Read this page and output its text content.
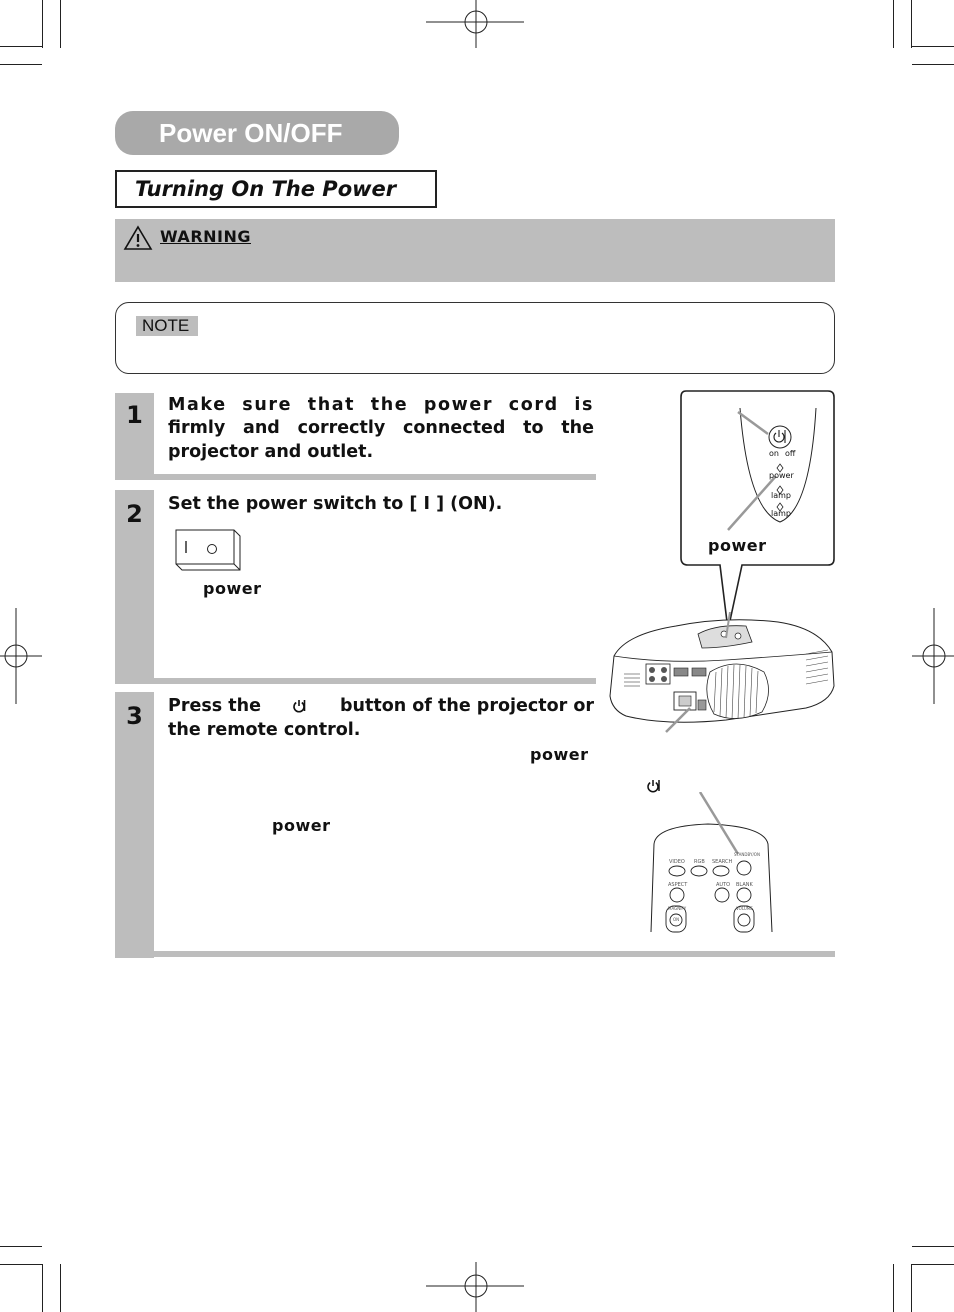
Power ON/OFF
Turning On The Power
WARNING
NOTE
1	Make sure that the power cord is
firmly and correctly connected to the
projector and outlet.
2	Set the power switch to [ I ] (ON).
power
3	Press the	button of the projector or
the remote control.
power
power
on off
power
lamp
lamp
power
STANDBY/ON
VIDEO RGB SEARCH
ASPECT	AUTO BLANK
MAGNIFY
ON
VOLUME
